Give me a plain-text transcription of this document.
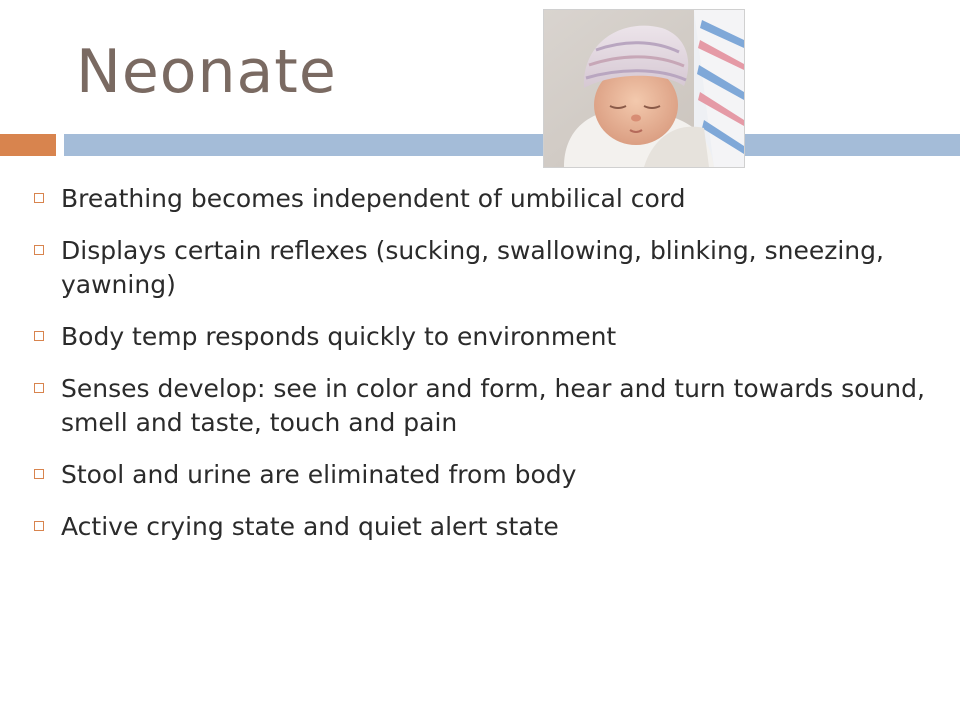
Neonate
Breathing becomes independent of umbilical cord
Displays certain reflexes (sucking, swallowing, blinking, sneezing, yawning)
Body temp responds quickly to environment
Senses develop: see in color and form, hear and turn towards sound, smell and taste, touch and pain
Stool and urine are eliminated from body
Active crying state and quiet alert state
